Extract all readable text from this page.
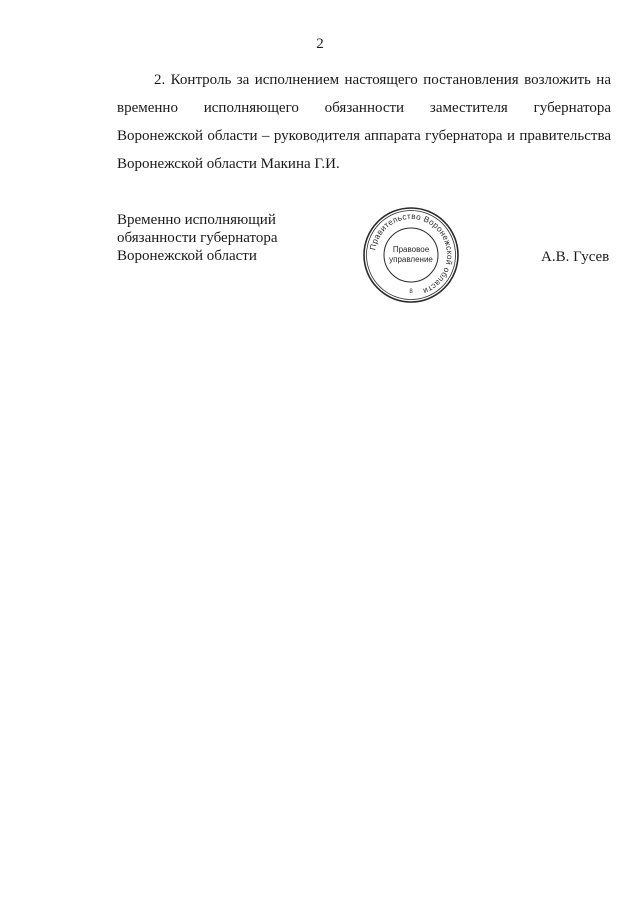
2

2. Контроль за исполнением настоящего постановления возложить на временно исполняющего обязанности заместителя губернатора Воронежской области – руководителя аппарата губернатора и правительства Воронежской области Макина Г.И.

Временно исполняющий
обязанности губернатора
Воронежской области
Правительство Воронежской области
Правовое
управление
8
А.В. Гусев
